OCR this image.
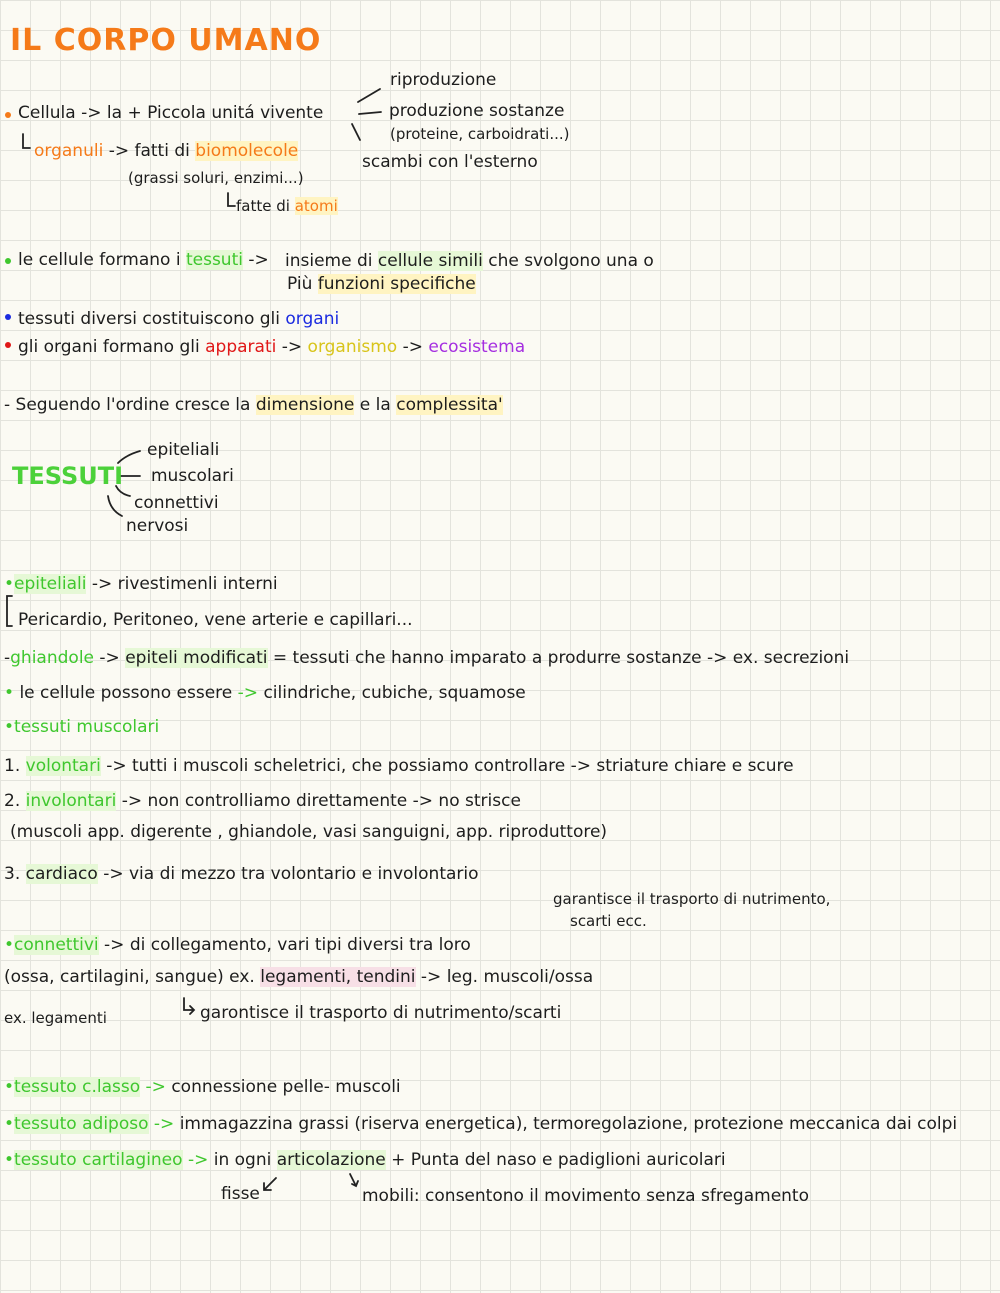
IL CORPO UMANO
Cellula -> la + Piccola unitá vivente
riproduzione
produzione sostanze
(proteine, carboidrati...)
scambi con l'esterno
organuli -> fatti di biomolecole
(grassi soluri, enzimi...)
fatte di atomi
le cellule formano i tessuti -> insieme di cellule simili che svolgono una o
Più funzioni specifiche
tessuti diversi costituiscono gli organi
gli organi formano gli apparati -> organismo -> ecosistema
- Seguendo l'ordine cresce la dimensione e la complessita'
TESSUTI
epiteliali
muscolari
connettivi
nervosi
•epiteliali -> rivestimenli interni
Pericardio, Peritoneo, vene arterie e capillari...
-ghiandole -> epiteli modificati = tessuti che hanno imparato a produrre sostanze -> ex. secrezioni
• le cellule possono essere -> cilindriche, cubiche, squamose
•tessuti muscolari
1. volontari -> tutti i muscoli scheletrici, che possiamo controllare -> striature chiare e scure
2. involontari -> non controlliamo direttamente -> no strisce
(muscoli app. digerente , ghiandole, vasi sanguigni, app. riproduttore)
3. cardiaco -> via di mezzo tra volontario e involontario
garantisce il trasporto di nutrimento,
scarti ecc.
•connettivi -> di collegamento, vari tipi diversi tra loro
(ossa, cartilagini, sangue) ex. legamenti, tendini -> leg. muscoli/ossa
ex. legamenti	garontisce il trasporto di nutrimento/scarti
•tessuto c.lasso -> connessione pelle- muscoli
•tessuto adiposo -> immagazzina grassi (riserva energetica), termoregolazione, protezione meccanica dai colpi
•tessuto cartilagineo -> in ogni articolazione + Punta del naso e padiglioni auricolari
fisse	mobili: consentono il movimento senza sfregamento
